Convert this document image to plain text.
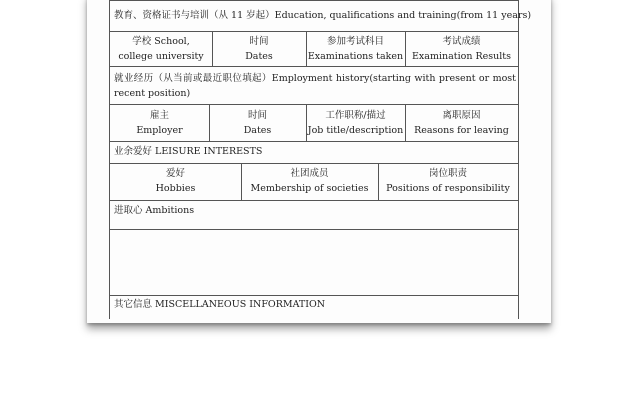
教育、资格证书与培训（从 11 岁起）Education, qualifications and training(from 11 years)
学校 School,
college university
时间
Dates
参加考试科目
Examinations taken
考试成绩
Examination Results
就业经历（从当前或最近职位填起）Employment history(starting with present or most recent position)
雇主
Employer
时间
Dates
工作职称/描过
Job title/description
离职原因
Reasons for leaving
业余爱好 LEISURE INTERESTS
爱好
Hobbies
社团成员
Membership of societies
岗位职责
Positions of responsibility
进取心 Ambitions
其它信息 MISCELLANEOUS INFORMATION
